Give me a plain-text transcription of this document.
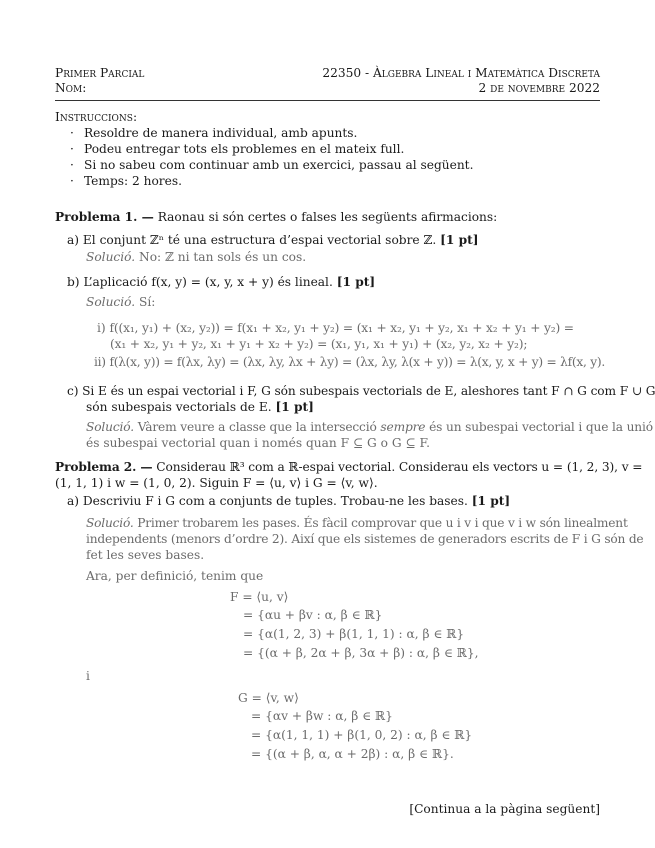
Primer Parcial
Nom:
22350 - Àlgebra Lineal i Matemàtica Discreta
2 de novembre 2022
Instruccions:
· Resoldre de manera individual, amb apunts.
· Podeu entregar tots els problemes en el mateix full.
· Si no sabeu com continuar amb un exercici, passau al següent.
· Temps: 2 hores.
Problema 1. — Raonau si són certes o falses les següents afirmacions:
a) El conjunt ℤⁿ té una estructura d’espai vectorial sobre ℤ. [1 pt]
Solució. No: ℤ ni tan sols és un cos.
b) L’aplicació f(x, y) = (x, y, x + y) és lineal. [1 pt]
Solució. Sí:
i) f((x₁, y₁) + (x₂, y₂)) = f(x₁ + x₂, y₁ + y₂) = (x₁ + x₂, y₁ + y₂, x₁ + x₂ + y₁ + y₂) =
(x₁ + x₂, y₁ + y₂, x₁ + y₁ + x₂ + y₂) = (x₁, y₁, x₁ + y₁) + (x₂, y₂, x₂ + y₂);
ii) f(λ(x, y)) = f(λx, λy) = (λx, λy, λx + λy) = (λx, λy, λ(x + y)) = λ(x, y, x + y) = λf(x, y).
c) Si E és un espai vectorial i F, G són subespais vectorials de E, aleshores tant F ∩ G com F ∪ G
són subespais vectorials de E. [1 pt]
Solució. Vàrem veure a classe que la intersecció sempre és un subespai vectorial i que la unió
és subespai vectorial quan i només quan F ⊆ G o G ⊆ F.
Problema 2. — Considerau ℝ³ com a ℝ-espai vectorial. Considerau els vectors u = (1, 2, 3), v =
(1, 1, 1) i w = (1, 0, 2). Siguin F = ⟨u, v⟩ i G = ⟨v, w⟩.
a) Descriviu F i G com a conjunts de tuples. Trobau-ne les bases. [1 pt]
Solució. Primer trobarem les pases. És fàcil comprovar que u i v i que v i w són linealment
independents (menors d’ordre 2). Així que els sistemes de generadors escrits de F i G són de
fet les seves bases.
Ara, per definició, tenim que
F = ⟨u, v⟩
= {αu + βv : α, β ∈ ℝ}
= {α(1, 2, 3) + β(1, 1, 1) : α, β ∈ ℝ}
= {(α + β, 2α + β, 3α + β) : α, β ∈ ℝ},
i
G = ⟨v, w⟩
= {αv + βw : α, β ∈ ℝ}
= {α(1, 1, 1) + β(1, 0, 2) : α, β ∈ ℝ}
= {(α + β, α, α + 2β) : α, β ∈ ℝ}.
[Continua a la pàgina següent]
